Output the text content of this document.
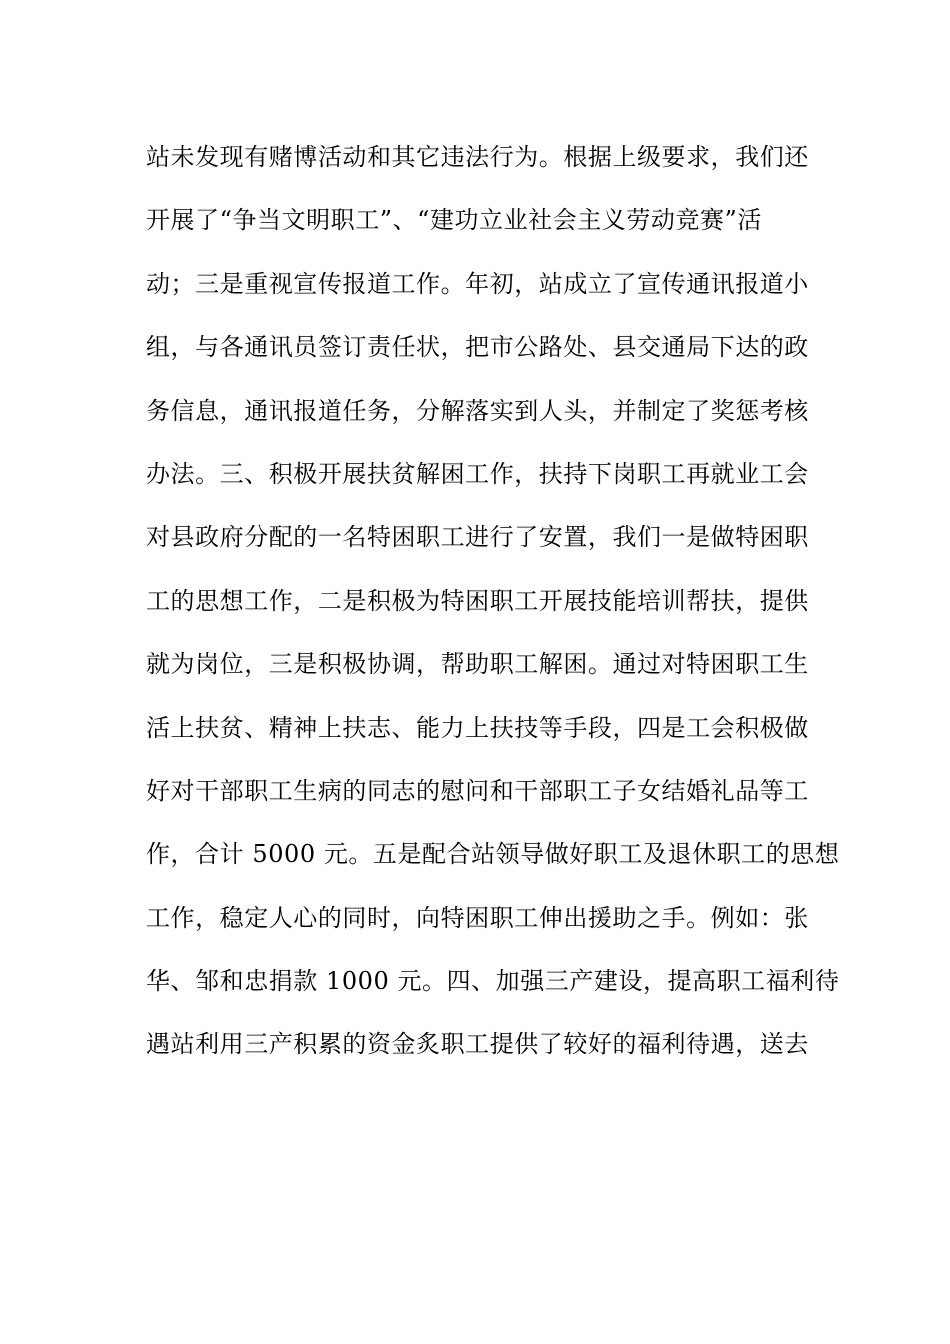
站未发现有赌博活动和其它违法行为。根据上级要求，我们还
开展了“争当文明职工”、“建功立业社会主义劳动竞赛”活
动；三是重视宣传报道工作。年初，站成立了宣传通讯报道小
组，与各通讯员签订责任状，把市公路处、县交通局下达的政
务信息，通讯报道任务，分解落实到人头，并制定了奖惩考核
办法。三、积极开展扶贫解困工作，扶持下岗职工再就业工会
对县政府分配的一名特困职工进行了安置，我们一是做特困职
工的思想工作，二是积极为特困职工开展技能培训帮扶，提供
就为岗位，三是积极协调，帮助职工解困。通过对特困职工生
活上扶贫、精神上扶志、能力上扶技等手段，四是工会积极做
好对干部职工生病的同志的慰问和干部职工子女结婚礼品等工
作，合计 5000 元。五是配合站领导做好职工及退休职工的思想
工作，稳定人心的同时，向特困职工伸出援助之手。例如：张
华、邹和忠捐款 1000 元。四、加强三产建设，提高职工福利待
遇站利用三产积累的资金炙职工提供了较好的福利待遇，送去
